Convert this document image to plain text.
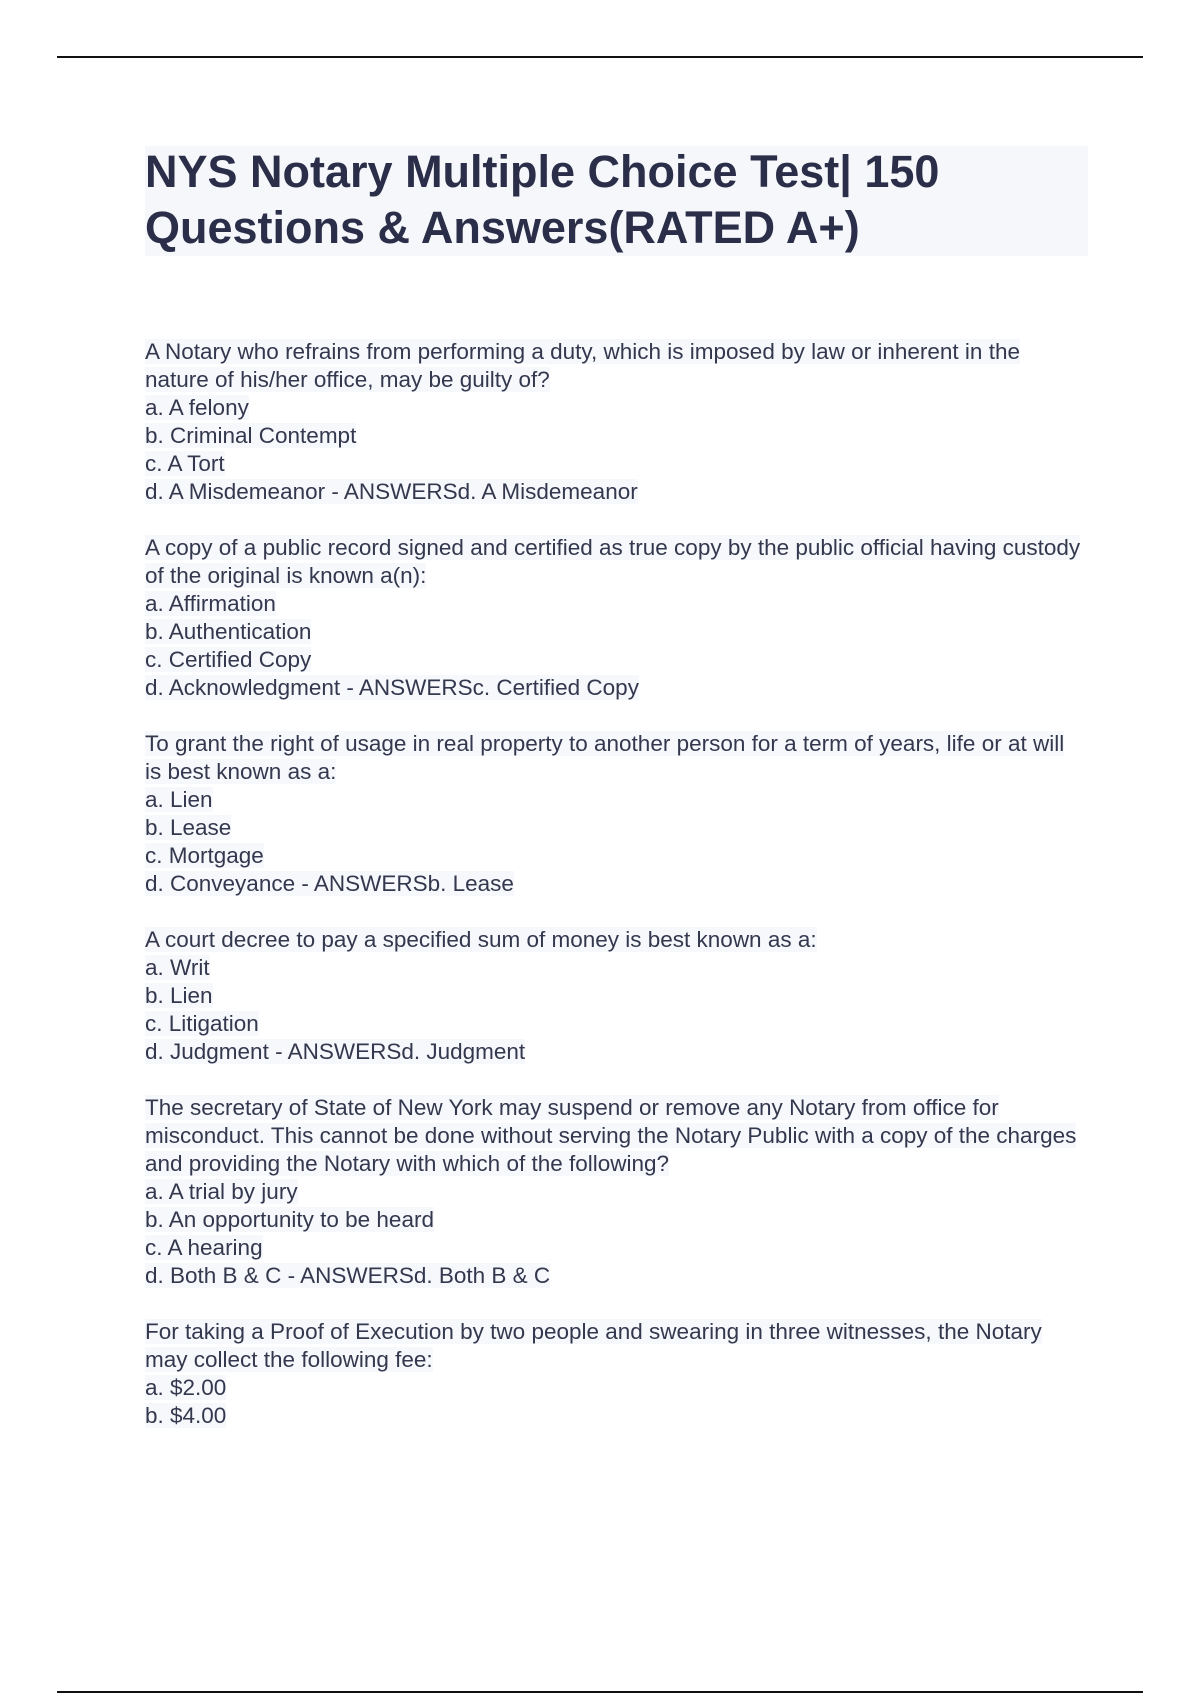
NYS Notary Multiple Choice Test| 150
Questions & Answers(RATED A+)
A Notary who refrains from performing a duty, which is imposed by law or inherent in the nature of his/her office, may be guilty of?
a. A felony
b. Criminal Contempt
c. A Tort
d. A Misdemeanor - ANSWERSd. A Misdemeanor
A copy of a public record signed and certified as true copy by the public official having custody of the original is known a(n):
a. Affirmation
b. Authentication
c. Certified Copy
d. Acknowledgment - ANSWERSc. Certified Copy
To grant the right of usage in real property to another person for a term of years, life or at will is best known as a:
a. Lien
b. Lease
c. Mortgage
d. Conveyance - ANSWERSb. Lease
A court decree to pay a specified sum of money is best known as a:
a. Writ
b. Lien
c. Litigation
d. Judgment - ANSWERSd. Judgment
The secretary of State of New York may suspend or remove any Notary from office for misconduct. This cannot be done without serving the Notary Public with a copy of the charges and providing the Notary with which of the following?
a. A trial by jury
b. An opportunity to be heard
c. A hearing
d. Both B & C - ANSWERSd. Both B & C
For taking a Proof of Execution by two people and swearing in three witnesses, the Notary may collect the following fee:
a. $2.00
b. $4.00
